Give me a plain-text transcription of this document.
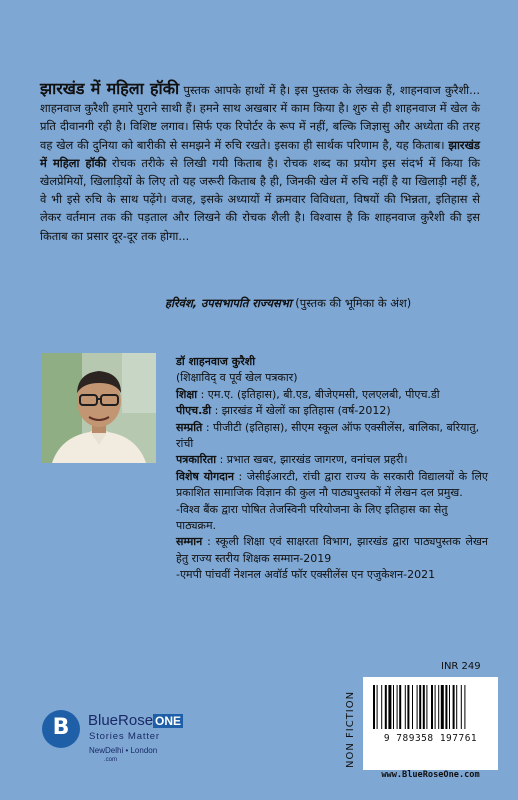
झारखंड में महिला हॉकी पुस्तक आपके हाथों में है। इस पुस्तक के लेखक हैं, शाहनवाज कुरैशी... शाहनवाज कुरैशी हमारे पुराने साथी हैं। हमने साथ अखबार में काम किया है। शुरु से ही शाहनवाज में खेल के प्रति दीवानगी रही है। विशिष्ट लगाव। सिर्फ एक रिपोर्टर के रूप में नहीं, बल्कि जिज्ञासु और अध्येता की तरह वह खेल की दुनिया को बारीकी से समझने में रुचि रखते। इसका ही सार्थक परिणाम है, यह किताब। झारखंड में महिला हॉकी रोचक तरीके से लिखी गयी किताब है। रोचक शब्द का प्रयोग इस संदर्भ में किया कि खेलप्रेमियों, खिलाड़ियों के लिए तो यह जरूरी किताब है ही, जिनकी खेल में रुचि नहीं है या खिलाड़ी नहीं हैं, वे भी इसे रुचि के साथ पढ़ेंगे। वजह, इसके अध्यायों में क्रमवार विविधता, विषयों की भिन्नता, इतिहास से लेकर वर्तमान तक की पड़ताल और लिखने की रोचक शैली है। विश्वास है कि शाहनवाज कुरैशी की इस किताब का प्रसार दूर-दूर तक होगा...
हरिवंश, उपसभापति राज्यसभा (पुस्तक की भूमिका के अंश)

डॉ शाहनवाज कुरैशी

(शिक्षाविद् व पूर्व खेल पत्रकार)

शिक्षा : एम.ए. (इतिहास), बी.एड, बीजेएमसी, एलएलबी, पीएच.डी

पीएच.डी : झारखंड में खेलों का इतिहास (वर्ष-2012)

सम्प्रति : पीजीटी (इतिहास), सीएम स्कूल ऑफ एक्सीलेंस, बालिका, बरियातु, रांची

पत्रकारिता : प्रभात खबर, झारखंड जागरण, वनांचल प्रहरी।

विशेष योगदान : जेसीईआरटी, रांची द्वारा राज्य के सरकारी विद्यालयों के लिए प्रकाशित सामाजिक विज्ञान की कुल नौ पाठ्यपुस्तकों में लेखन दल प्रमुख.

-विश्व बैंक द्वारा पोषित तेजस्विनी परियोजना के लिए इतिहास का सेतु पाठ्यक्रम.

सम्मान : स्कूली शिक्षा एवं साक्षरता विभाग, झारखंड द्वारा पाठ्यपुस्तक लेखन हेतु राज्य स्तरीय शिक्षक सम्मान-2019

-एमपी पांचवीं नेशनल अवॉर्ड फॉर एक्सीलेंस एन एजुकेशन-2021

INR 249
NON FICTION	9 789358 197761
www.BlueRoseOne.com
B	BlueRose ONE
Stories Matter
NewDelhi • London
.com
